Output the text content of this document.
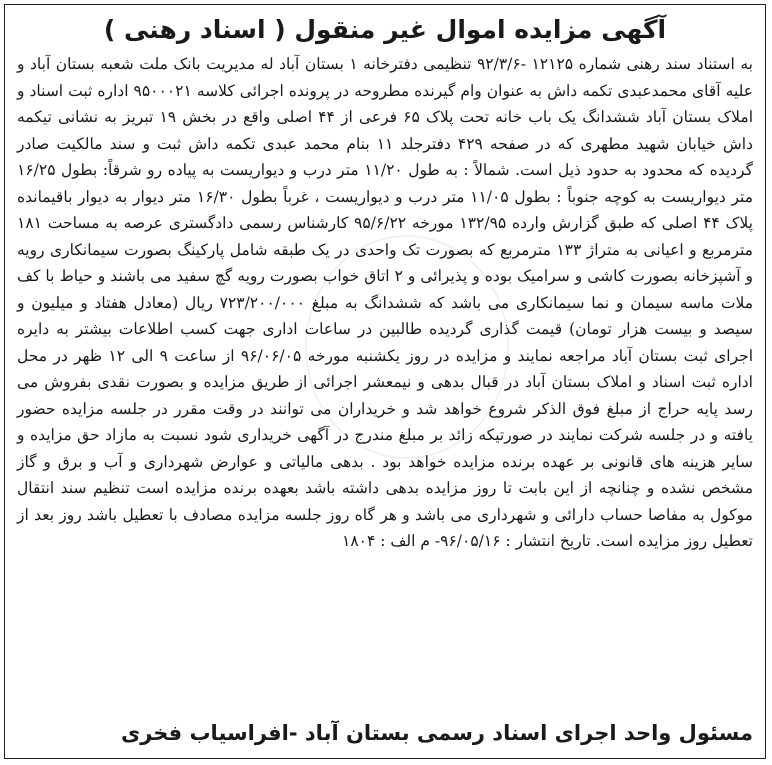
آگهی مزایده اموال غیر منقول ( اسناد رهنی )

به استناد سند رهنی شماره ۱۲۱۲۵ -۹۲/۳/۶ تنظیمی دفترخانه ۱ بستان آباد له مدیریت بانک ملت شعبه بستان آباد و علیه آقای محمدعبدی تکمه داش به عنوان وام گیرنده مطروحه در پرونده اجرائی کلاسه ۹۵۰۰۰۲۱ اداره ثبت اسناد و املاک بستان آباد ششدانگ یک باب خانه تحت پلاک ۶۵ فرعی از ۴۴ اصلی واقع در بخش ۱۹ تبریز به نشانی تیکمه داش خیابان شهید مطهری که در صفحه ۴۲۹ دفترجلد ۱۱ بنام محمد عبدی تکمه داش ثبت و سند مالکیت صادر گردیده که محدود به حدود ذیل است. شمالاً : به طول ۱۱/۲۰ متر درب و دیواریست به پیاده رو شرقاً: بطول ۱۶/۲۵ متر دیواریست به کوچه جنوباً : بطول ۱۱/۰۵ متر درب و دیواریست ، غرباً بطول ۱۶/۳۰ متر دیوار به دیوار باقیمانده پلاک ۴۴ اصلی که طبق گزارش وارده ۱۳۲/۹۵ مورخه ۹۵/۶/۲۲ کارشناس رسمی دادگستری عرصه به مساحت ۱۸۱ مترمربع و اعیانی به متراژ ۱۳۳ مترمربع که بصورت تک واحدی در یک طبقه شامل پارکینگ بصورت سیمانکاری رویه و آشپزخانه بصورت کاشی و سرامیک بوده و پذیرائی و ۲ اتاق خواب بصورت رویه گچ سفید می باشند و حیاط با کف ملات ماسه سیمان و نما سیمانکاری می باشد که ششدانگ به مبلغ ۷۲۳/۲۰۰/۰۰۰ ریال (معادل هفتاد و میلیون و سیصد و بیست هزار تومان) قیمت گذاری گردیده طالبین در ساعات اداری جهت کسب اطلاعات بیشتر به دایره اجرای ثبت بستان آباد مراجعه نمایند و مزایده در روز یکشنبه مورخه ۹۶/۰۶/۰۵ از ساعت ۹ الی ۱۲ ظهر در محل اداره ثبت اسناد و املاک بستان آباد در قبال بدهی و نیمعشر اجرائی از طریق مزایده و بصورت نقدی بفروش می رسد پایه حراج از مبلغ فوق الذکر شروع خواهد شد و خریداران می توانند در وقت مقرر در جلسه مزایده حضور یافته و در جلسه شرکت نمایند در صورتیکه زائد بر مبلغ مندرج در آگهی خریداری شود نسبت به مازاد حق مزایده و سایر هزینه های قانونی بر عهده برنده مزایده خواهد بود . بدهی مالیاتی و عوارض شهرداری و آب و برق و گاز مشخص نشده و چنانچه از این بابت تا روز مزایده بدهی داشته باشد بعهده برنده مزایده است تنظیم سند انتقال موکول به مفاصا حساب دارائی و شهرداری می باشد و هر گاه روز جلسه مزایده مصادف با تعطیل باشد روز بعد از تعطیل روز مزایده است. تاریخ انتشار : ۹۶/۰۵/۱۶- م الف : ۱۸۰۴

مسئول واحد اجرای اسناد رسمی بستان آباد -افراسیاب فخری
